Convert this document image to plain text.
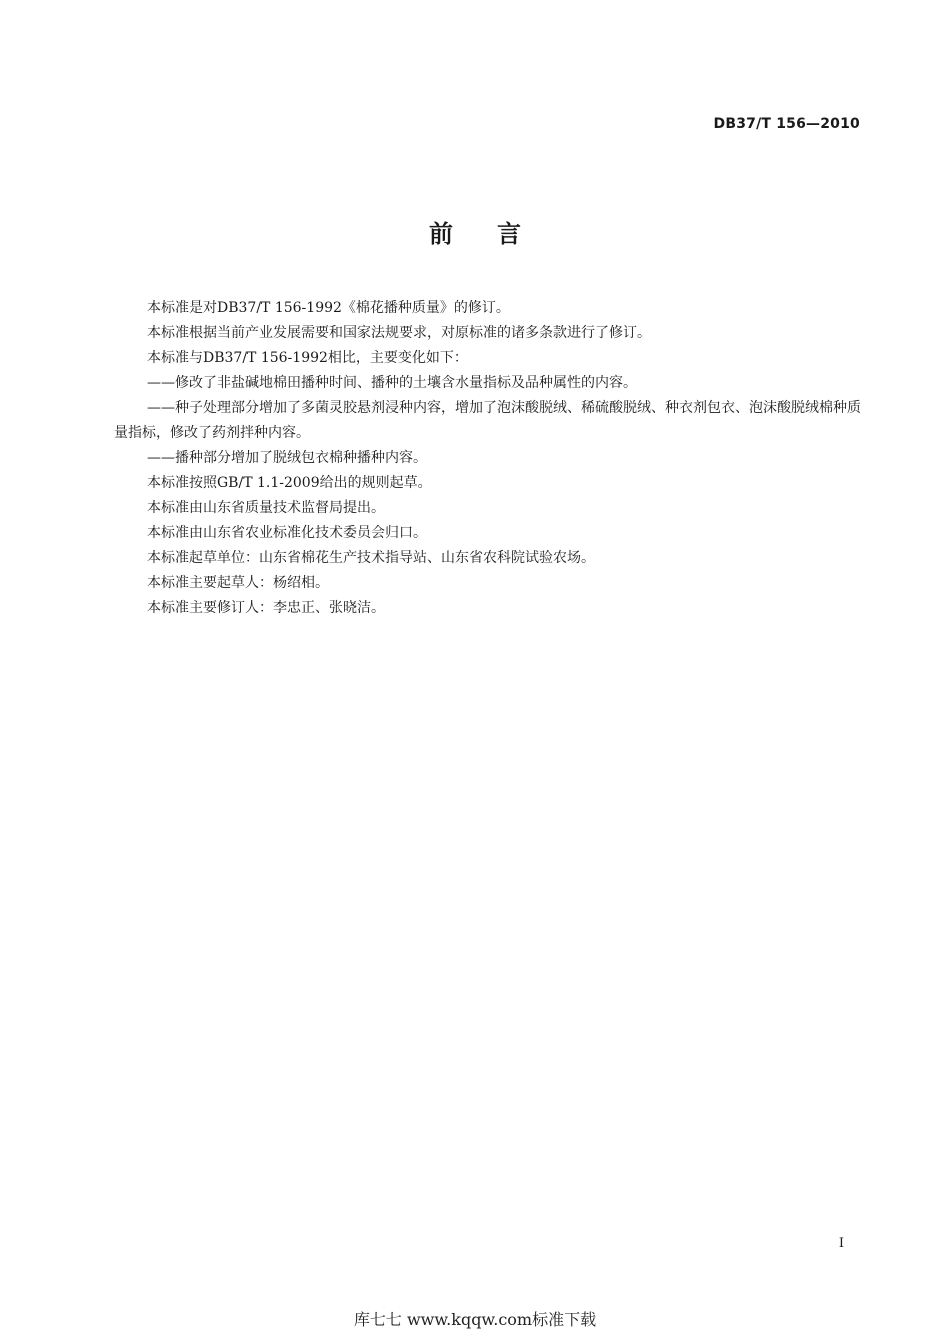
DB37/T 156—2010
前言

本标准是对DB37/T 156-1992《棉花播种质量》的修订。

本标准根据当前产业发展需要和国家法规要求，对原标准的诸多条款进行了修订。

本标准与DB37/T 156-1992相比，主要变化如下：

——修改了非盐碱地棉田播种时间、播种的土壤含水量指标及品种属性的内容。

——种子处理部分增加了多菌灵胶悬剂浸种内容，增加了泡沫酸脱绒、稀硫酸脱绒、种衣剂包衣、泡沫酸脱绒棉种质量指标，修改了药剂拌种内容。

——播种部分增加了脱绒包衣棉种播种内容。

本标准按照GB/T 1.1-2009给出的规则起草。

本标准由山东省质量技术监督局提出。

本标准由山东省农业标准化技术委员会归口。

本标准起草单位：山东省棉花生产技术指导站、山东省农科院试验农场。

本标准主要起草人：杨绍相。

本标准主要修订人：李忠正、张晓洁。

I
库七七 www.kqqw.com标准下载
